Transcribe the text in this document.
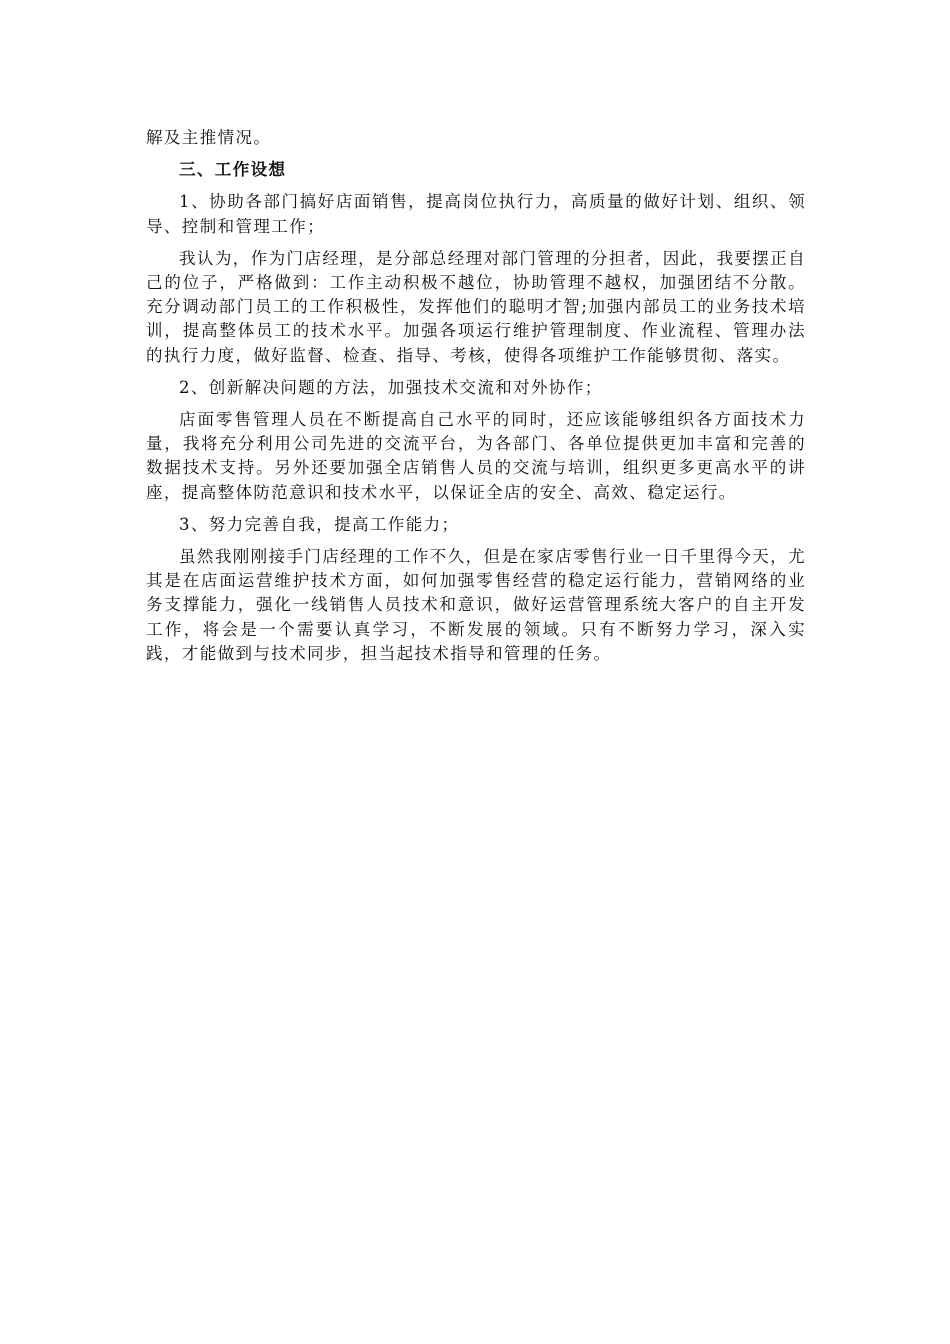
解及主推情况。

三、工作设想

1、协助各部门搞好店面销售，提高岗位执行力，高质量的做好计划、组织、领导、控制和管理工作；

我认为，作为门店经理，是分部总经理对部门管理的分担者，因此，我要摆正自己的位子，严格做到：工作主动积极不越位，协助管理不越权，加强团结不分散。充分调动部门员工的工作积极性，发挥他们的聪明才智;加强内部员工的业务技术培训，提高整体员工的技术水平。加强各项运行维护管理制度、作业流程、管理办法的执行力度，做好监督、检查、指导、考核，使得各项维护工作能够贯彻、落实。

2、创新解决问题的方法，加强技术交流和对外协作；

店面零售管理人员在不断提高自己水平的同时，还应该能够组织各方面技术力量，我将充分利用公司先进的交流平台，为各部门、各单位提供更加丰富和完善的数据技术支持。另外还要加强全店销售人员的交流与培训，组织更多更高水平的讲座，提高整体防范意识和技术水平，以保证全店的安全、高效、稳定运行。

3、努力完善自我，提高工作能力；

虽然我刚刚接手门店经理的工作不久，但是在家店零售行业一日千里得今天，尤其是在店面运营维护技术方面，如何加强零售经营的稳定运行能力，营销网络的业务支撑能力，强化一线销售人员技术和意识，做好运营管理系统大客户的自主开发工作，将会是一个需要认真学习，不断发展的领域。只有不断努力学习，深入实践，才能做到与技术同步，担当起技术指导和管理的任务。
